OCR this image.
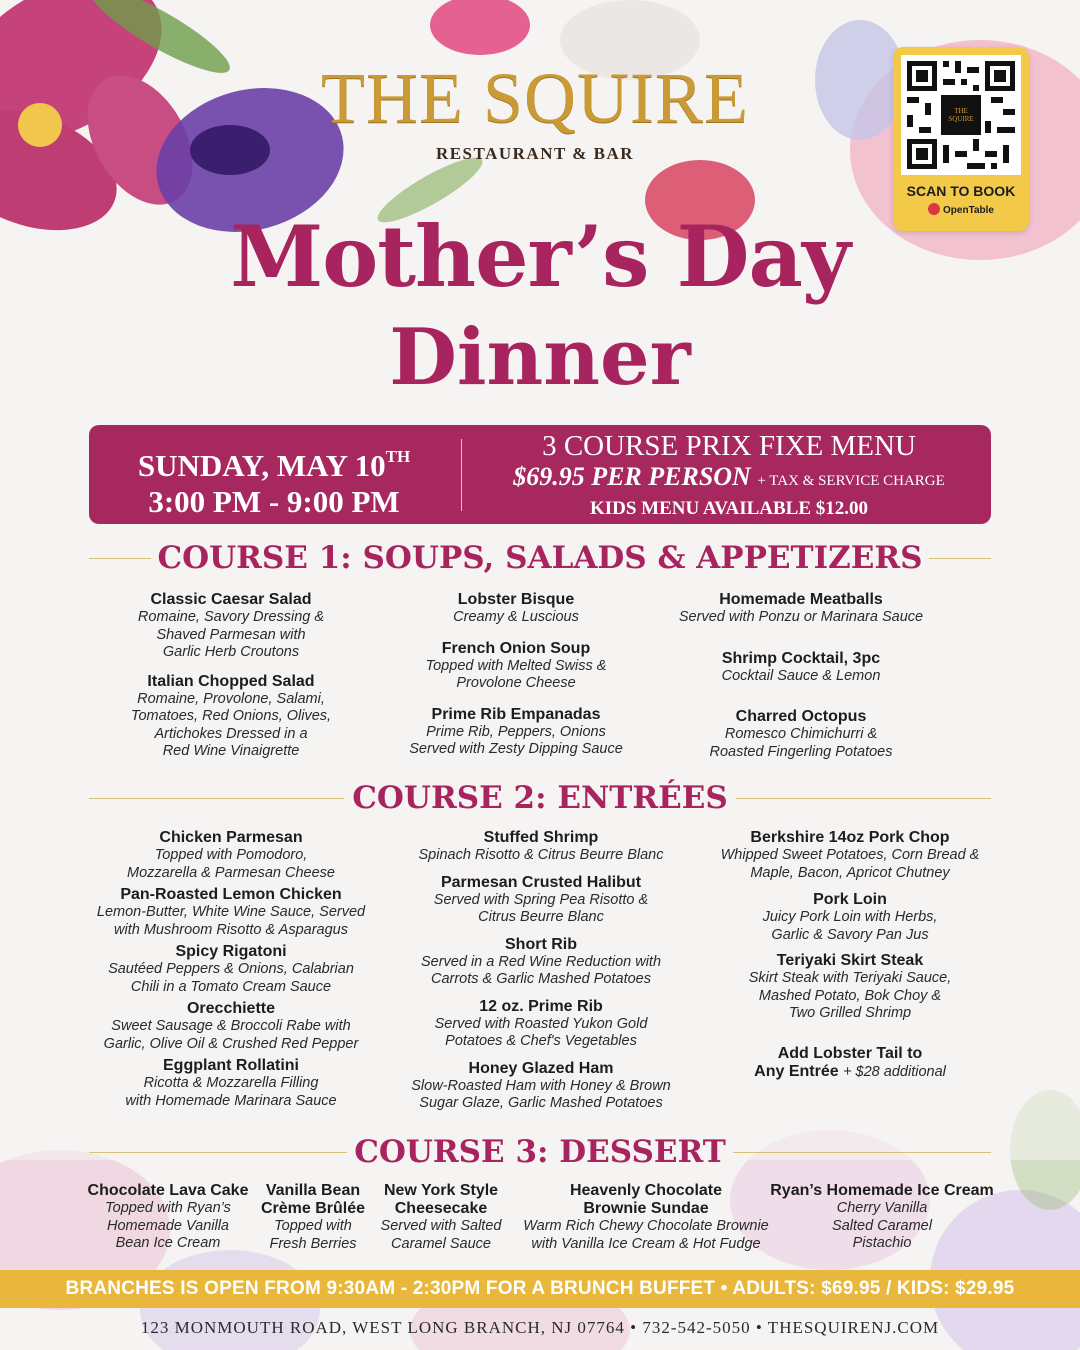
THE SQUIRE
RESTAURANT & BAR
THE
SQUIRE
SCAN TO BOOK
OpenTable
Mother’s Day
Dinner
SUNDAY, MAY 10TH
3:00 PM - 9:00 PM
3 COURSE PRIX FIXE MENU
$69.95 PER PERSON + TAX & SERVICE CHARGE
KIDS MENU AVAILABLE $12.00
COURSE 1: SOUPS, SALADS & APPETIZERS
Classic Caesar Salad
Romaine, Savory Dressing &
Shaved Parmesan with
Garlic Herb Croutons
Italian Chopped Salad
Romaine, Provolone, Salami,
Tomatoes, Red Onions, Olives,
Artichokes Dressed in a
Red Wine Vinaigrette
Lobster Bisque
Creamy & Luscious
French Onion Soup
Topped with Melted Swiss &
Provolone Cheese
Prime Rib Empanadas
Prime Rib, Peppers, Onions
Served with Zesty Dipping Sauce
Homemade Meatballs
Served with Ponzu or Marinara Sauce
Shrimp Cocktail, 3pc
Cocktail Sauce & Lemon
Charred Octopus
Romesco Chimichurri &
Roasted Fingerling Potatoes
COURSE 2: ENTRÉES
Chicken Parmesan
Topped with Pomodoro,
Mozzarella & Parmesan Cheese
Pan-Roasted Lemon Chicken
Lemon-Butter, White Wine Sauce, Served
with Mushroom Risotto & Asparagus
Spicy Rigatoni
Sautéed Peppers & Onions, Calabrian
Chili in a Tomato Cream Sauce
Orecchiette
Sweet Sausage & Broccoli Rabe with
Garlic, Olive Oil & Crushed Red Pepper
Eggplant Rollatini
Ricotta & Mozzarella Filling
with Homemade Marinara Sauce
Stuffed Shrimp
Spinach Risotto & Citrus Beurre Blanc
Parmesan Crusted Halibut
Served with Spring Pea Risotto &
Citrus Beurre Blanc
Short Rib
Served in a Red Wine Reduction with
Carrots & Garlic Mashed Potatoes
12 oz. Prime Rib
Served with Roasted Yukon Gold
Potatoes & Chef's Vegetables
Honey Glazed Ham
Slow-Roasted Ham with Honey & Brown
Sugar Glaze, Garlic Mashed Potatoes
Berkshire 14oz Pork Chop
Whipped Sweet Potatoes, Corn Bread &
Maple, Bacon, Apricot Chutney
Pork Loin
Juicy Pork Loin with Herbs,
Garlic & Savory Pan Jus
Teriyaki Skirt Steak
Skirt Steak with Teriyaki Sauce,
Mashed Potato, Bok Choy &
Two Grilled Shrimp
Add Lobster Tail to
Any Entrée + $28 additional
COURSE 3: DESSERT
Chocolate Lava Cake
Topped with Ryan’s
Homemade Vanilla
Bean Ice Cream
Vanilla Bean
Crème Brûlée
Topped with
Fresh Berries
New York Style
Cheesecake
Served with Salted
Caramel Sauce
Heavenly Chocolate
Brownie Sundae
Warm Rich Chewy Chocolate Brownie
with Vanilla Ice Cream & Hot Fudge
Ryan’s Homemade Ice Cream
Cherry Vanilla
Salted Caramel
Pistachio
BRANCHES IS OPEN FROM 9:30AM - 2:30PM FOR A BRUNCH BUFFET • ADULTS: $69.95 / KIDS: $29.95
123 MONMOUTH ROAD, WEST LONG BRANCH, NJ 07764 • 732-542-5050 • THESQUIRENJ.COM
